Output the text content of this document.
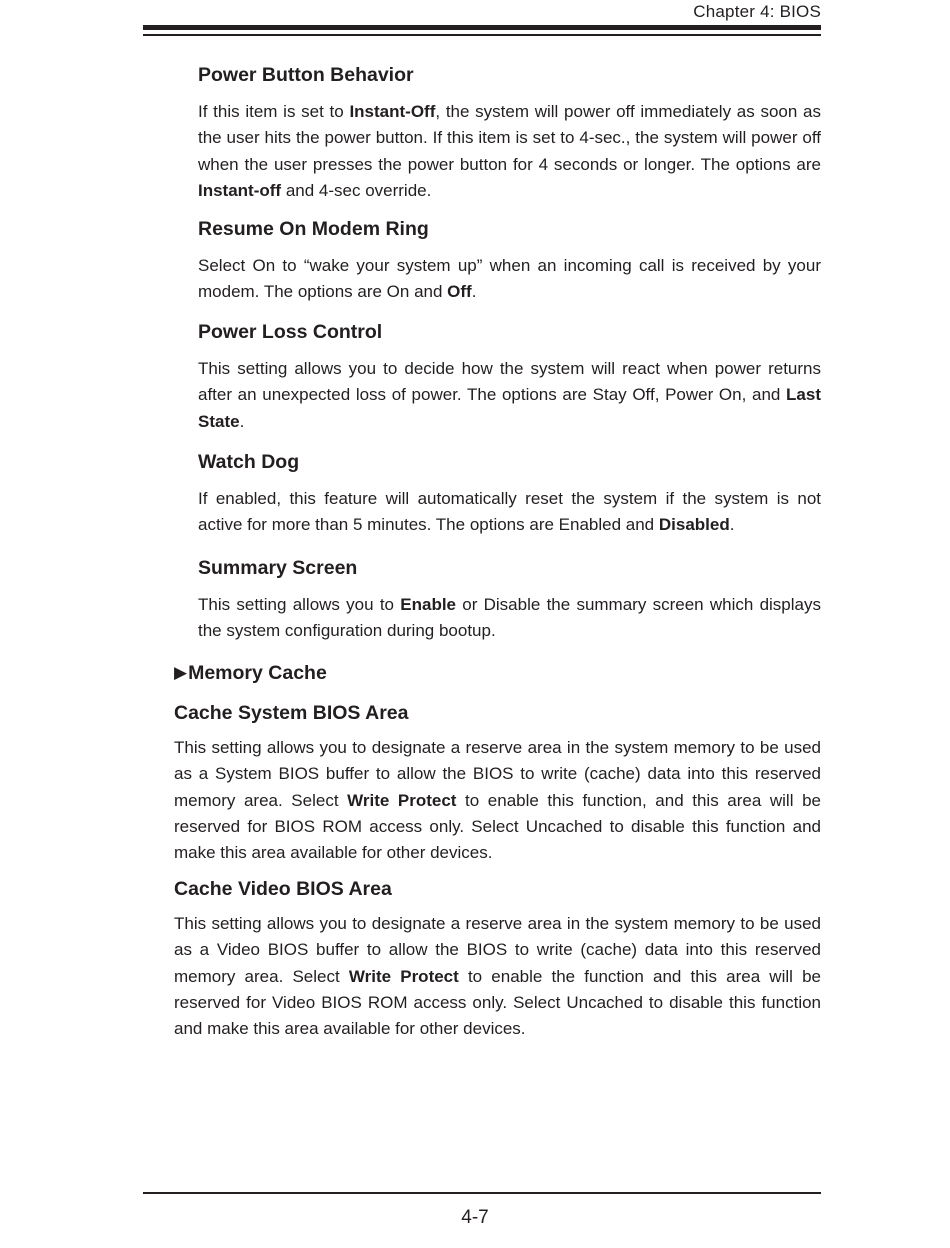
Chapter 4: BIOS
Power Button Behavior

If this item is set to Instant-Off, the system will power off immediately as soon as the user hits the power button. If this item is set to 4-sec., the system will power off when the user presses the power button for 4 seconds or longer. The options are Instant-off and 4-sec override.

Resume On Modem Ring

Select On to “wake your system up” when an incoming call is received by your modem. The options are On and Off.

Power Loss Control

This setting allows you to decide how the system will react when power returns after an unexpected loss of power. The options are Stay Off, Power On, and Last State.

Watch Dog

If enabled, this feature will automatically reset the system if the system is not active for more than 5 minutes. The options are Enabled and Disabled.

Summary Screen

This setting allows you to Enable or Disable the summary screen which displays the system configuration during bootup.

▶Memory Cache
Cache System BIOS Area

This setting allows you to designate a reserve area in the system memory to be used as a System BIOS buffer to allow the BIOS to write (cache) data into this reserved memory area. Select Write Protect to enable this function, and this area will be reserved for BIOS ROM access only. Select Uncached to disable this function and make this area available for other devices.

Cache Video BIOS Area

This setting allows you to designate a reserve area in the system memory to be used as a Video BIOS buffer to allow the BIOS to write (cache) data into this reserved memory area. Select Write Protect to enable the function and this area will be reserved for Video BIOS ROM access only. Select Uncached to disable this function and make this area available for other devices.

4-7
